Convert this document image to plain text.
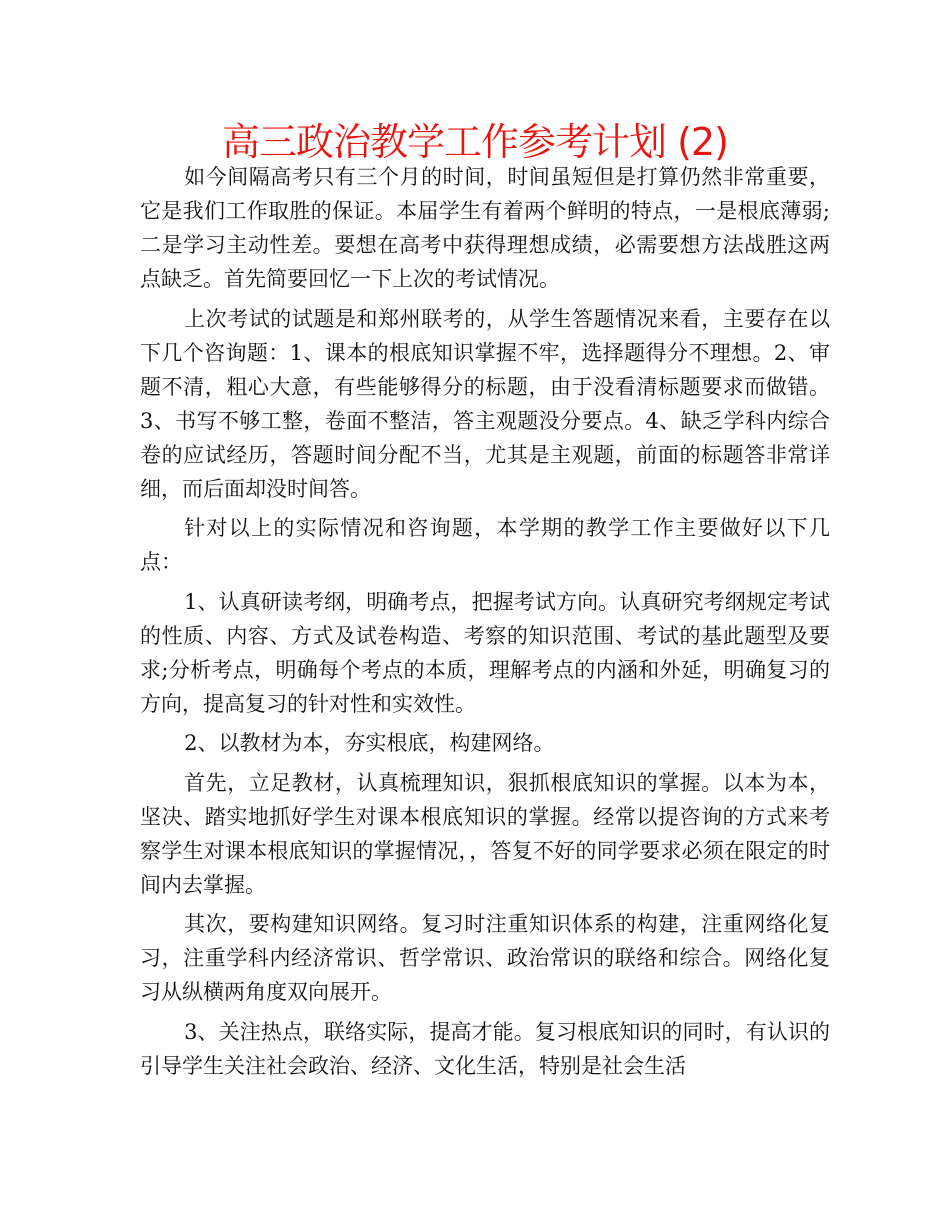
高三政治教学工作参考计划 (2)

如今间隔高考只有三个月的时间，时间虽短但是打算仍然非常重要，它是我们工作取胜的保证。本届学生有着两个鲜明的特点，一是根底薄弱;二是学习主动性差。要想在高考中获得理想成绩，必需要想方法战胜这两点缺乏。首先简要回忆一下上次的考试情况。

上次考试的试题是和郑州联考的，从学生答题情况来看，主要存在以下几个咨询题：1、课本的根底知识掌握不牢，选择题得分不理想。2、审题不清，粗心大意，有些能够得分的标题，由于没看清标题要求而做错。3、书写不够工整，卷面不整洁，答主观题没分要点。4、缺乏学科内综合卷的应试经历，答题时间分配不当，尤其是主观题，前面的标题答非常详细，而后面却没时间答。

针对以上的实际情况和咨询题，本学期的教学工作主要做好以下几点：

1、认真研读考纲，明确考点，把握考试方向。认真研究考纲规定考试的性质、内容、方式及试卷构造、考察的知识范围、考试的基此题型及要求;分析考点，明确每个考点的本质，理解考点的内涵和外延，明确复习的方向，提高复习的针对性和实效性。

2、以教材为本，夯实根底，构建网络。

首先，立足教材，认真梳理知识，狠抓根底知识的掌握。以本为本，坚决、踏实地抓好学生对课本根底知识的掌握。经常以提咨询的方式来考察学生对课本根底知识的掌握情况，，答复不好的同学要求必须在限定的时间内去掌握。

其次，要构建知识网络。复习时注重知识体系的构建，注重网络化复习，注重学科内经济常识、哲学常识、政治常识的联络和综合。网络化复习从纵横两角度双向展开。

3、关注热点，联络实际，提高才能。复习根底知识的同时，有认识的引导学生关注社会政治、经济、文化生活，特别是社会生活
